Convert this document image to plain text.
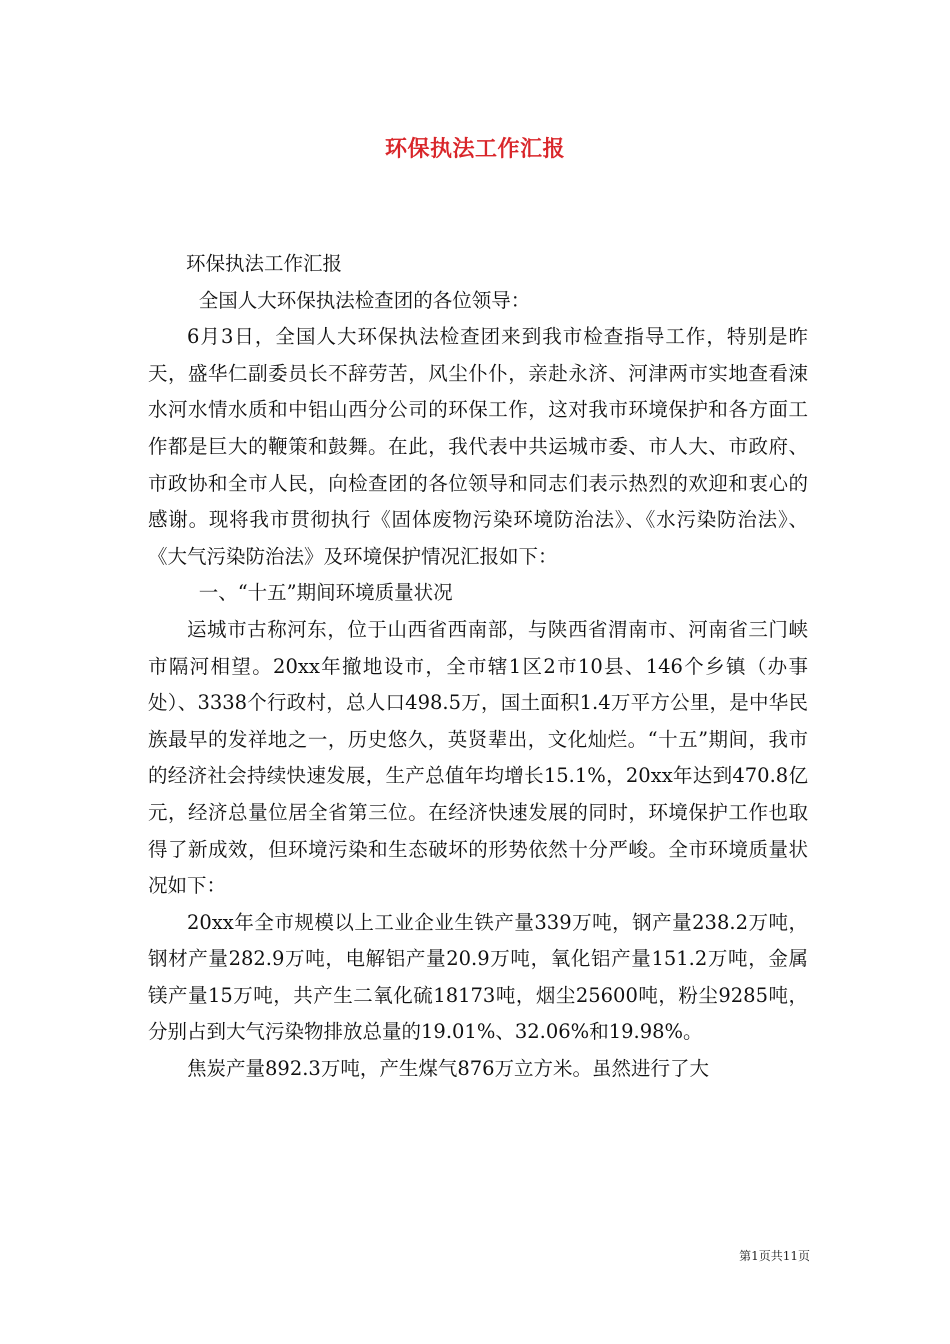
环保执法工作汇报

环保执法工作汇报

全国人大环保执法检查团的各位领导：

6月3日，全国人大环保执法检查团来到我市检查指导工作，特别是昨天，盛华仁副委员长不辞劳苦，风尘仆仆，亲赴永济、河津两市实地查看涑水河水情水质和中铝山西分公司的环保工作，这对我市环境保护和各方面工作都是巨大的鞭策和鼓舞。在此，我代表中共运城市委、市人大、市政府、市政协和全市人民，向检查团的各位领导和同志们表示热烈的欢迎和衷心的感谢。现将我市贯彻执行《固体废物污染环境防治法》、《水污染防治法》、《大气污染防治法》及环境保护情况汇报如下：

一、“十五”期间环境质量状况

运城市古称河东，位于山西省西南部，与陕西省渭南市、河南省三门峡市隔河相望。20xx年撤地设市，全市辖1区2市10县、146个乡镇（办事处）、3338个行政村，总人口498.5万，国土面积1.4万平方公里，是中华民族最早的发祥地之一，历史悠久，英贤辈出，文化灿烂。“十五”期间，我市的经济社会持续快速发展，生产总值年均增长15.1%，20xx年达到470.8亿元，经济总量位居全省第三位。在经济快速发展的同时，环境保护工作也取得了新成效，但环境污染和生态破坏的形势依然十分严峻。全市环境质量状况如下：

20xx年全市规模以上工业企业生铁产量339万吨，钢产量238.2万吨，钢材产量282.9万吨，电解铝产量20.9万吨，氧化铝产量151.2万吨，金属镁产量15万吨，共产生二氧化硫18173吨，烟尘25600吨，粉尘9285吨，分别占到大气污染物排放总量的19.01%、32.06%和19.98%。

焦炭产量892.3万吨，产生煤气876万立方米。虽然进行了大

第1页共11页
